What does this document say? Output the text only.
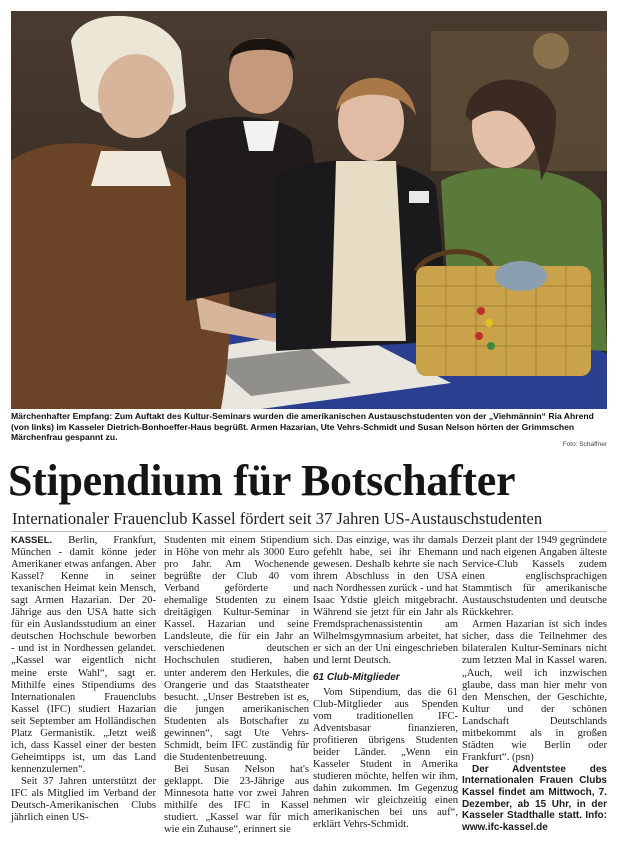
Märchenhafter Empfang: Zum Auftakt des Kultur-Seminars wurden die amerikanischen Austauschstudenten von der „Viehmännin“ Ria Ahrend (von links) im Kasseler Dietrich-Bonhoeffer-Haus begrüßt. Armen Hazarian, Ute Vehrs-Schmidt und Susan Nelson hörten der Grimmschen Märchenfrau gespannt zu.
Foto: Schaffner
Stipendium für Botschafter
Internationaler Frauenclub Kassel fördert seit 37 Jahren US-Austauschstudenten

KASSEL. Berlin, Frankfurt, München - damit könne jeder Amerikaner etwas anfangen. Aber Kassel? Kenne in seiner texanischen Heimat kein Mensch, sagt Armen Hazarian. Der 20-Jährige aus den USA hatte sich für ein Auslandsstudium an einer deutschen Hochschule beworben - und ist in Nordhessen gelandet. „Kassel war eigentlich nicht meine erste Wahl“, sagt er. Mithilfe eines Stipendiums des Internationalen Frauenclubs Kassel (IFC) studiert Hazarian seit September am Holländischen Platz Germanistik. „Jetzt weiß ich, dass Kassel einer der besten Geheimtipps ist, um das Land kennenzulernen“.

Seit 37 Jahren unterstützt der IFC als Mitglied im Verband der Deutsch-Amerikanischen Clubs jährlich einen US-

Studenten mit einem Stipendium in Höhe von mehr als 3000 Euro pro Jahr. Am Wochenende begrüßte der Club 40 vom Verband geförderte und ehemalige Studenten zu einem dreitägigen Kultur-Seminar in Kassel. Hazarian und seine Landsleute, die für ein Jahr an verschiedenen deutschen Hochschulen studieren, haben unter anderem den Herkules, die Orangerie und das Staatstheater besucht. „Unser Bestreben ist es, die jungen amerikanischen Studenten als Botschafter zu gewinnen“, sagt Ute Vehrs-Schmidt, beim IFC zuständig für die Studentenbetreuung.

Bei Susan Nelson hat's geklappt. Die 23-Jährige aus Minnesota hatte vor zwei Jahren mithilfe des IFC in Kassel studiert. „Kassel war für mich wie ein Zuhause“, erinnert sie

sich. Das einzige, was ihr damals gefehlt habe, sei ihr Ehemann gewesen. Deshalb kehrte sie nach ihrem Abschluss in den USA nach Nordhessen zurück - und hat Isaac Ydstie gleich mitgebracht. Während sie jetzt für ein Jahr als Fremdsprachenassistentin am Wilhelmsgymnasium arbeitet, hat er sich an der Uni eingeschrieben und lernt Deutsch.

61 Club-Mitglieder

Vom Stipendium, das die 61 Club-Mitglieder aus Spenden vom traditionellen IFC-Adventsbasar finanzieren, profitieren übrigens Studenten beider Länder. „Wenn ein Kasseler Student in Amerika studieren möchte, helfen wir ihm, dahin zukommen. Im Gegenzug nehmen wir gleichzeitig einen amerikanischen bei uns auf“, erklärt Vehrs-Schmidt.

Derzeit plant der 1949 gegründete und nach eigenen Angaben älteste Service-Club Kassels zudem einen englischsprachigen Stammtisch für amerikanische Austauschstudenten und deutsche Rückkehrer.

Armen Hazarian ist sich indes sicher, dass die Teilnehmer des bilateralen Kultur-Seminars nicht zum letzten Mal in Kassel waren. „Auch, weil ich inzwischen glaube, dass man hier mehr von den Menschen, der Geschichte, Kultur und der schönen Landschaft Deutschlands mitbekommt als in großen Städten wie Berlin oder Frankfurt“. (psn)

Der Adventstee des Internationalen Frauen Clubs Kassel findet am Mittwoch, 7. Dezember, ab 15 Uhr, in der Kasseler Stadthalle statt. Info: www.ifc-kassel.de
